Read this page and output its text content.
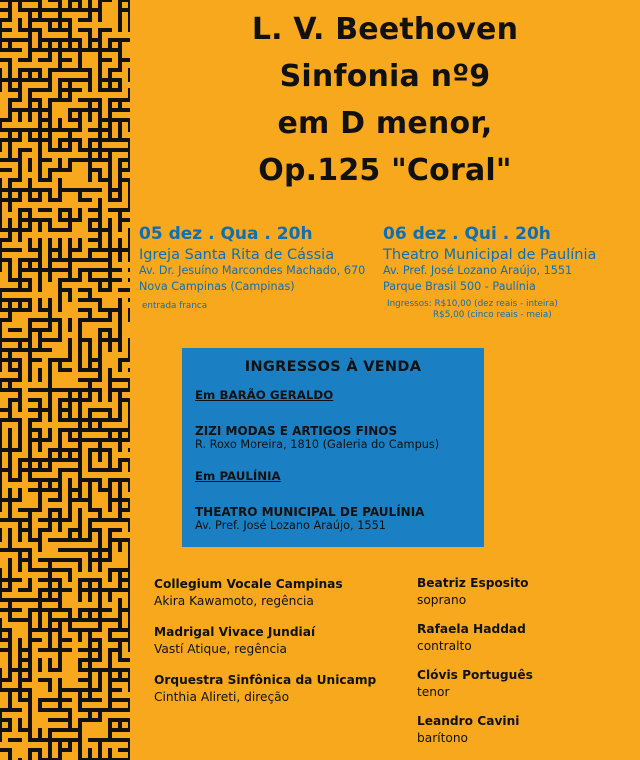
L. V. Beethoven
Sinfonia nº9
em D menor,
Op.125 "Coral"
05 dez . Qua . 20h
Igreja Santa Rita de Cássia
Av. Dr. Jesuíno Marcondes Machado, 670
Nova Campinas (Campinas)
entrada franca
06 dez . Qui . 20h
Theatro Municipal de Paulínia
Av. Pref. José Lozano Araújo, 1551
Parque Brasil 500 - Paulínia
Ingressos: R$10,00 (dez reais - inteira)
R$5,00 (cinco reais - meia)
INGRESSOS À VENDA
Em BARÃO GERALDO
ZIZI MODAS E ARTIGOS FINOS
R. Roxo Moreira, 1810 (Galeria do Campus)
Em PAULÍNIA
THEATRO MUNICIPAL DE PAULÍNIA
Av. Pref. José Lozano Araújo, 1551
Collegium Vocale Campinas
Akira Kawamoto, regência
Madrigal Vivace Jundiaí
Vastí Atique, regência
Orquestra Sinfônica da Unicamp
Cinthia Alireti, direção
Beatriz Esposito
soprano
Rafaela Haddad
contralto
Clóvis Português
tenor
Leandro Cavini
barítono
